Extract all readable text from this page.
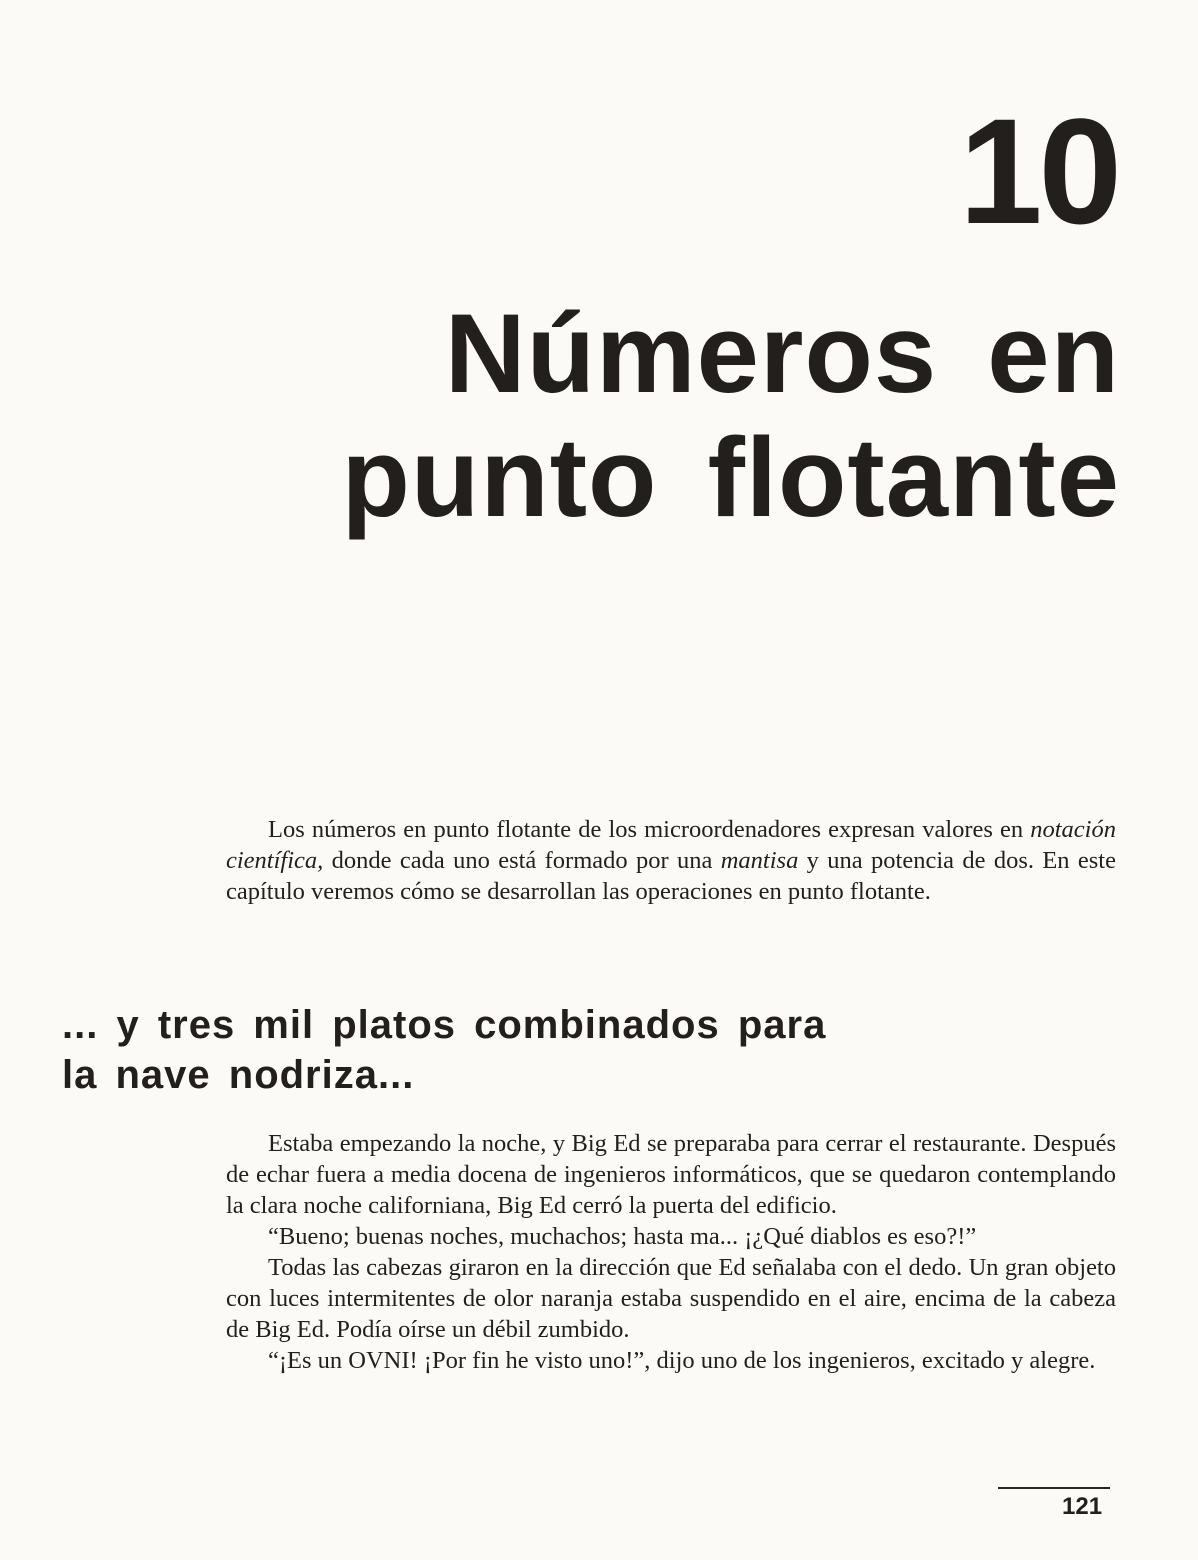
10
Números en
punto flotante

Los números en punto flotante de los microordenadores expresan valores en notación científica, donde cada uno está formado por una mantisa y una potencia de dos. En este capítulo veremos cómo se desarrollan las operaciones en punto flotante.

... y tres mil platos combinados para
la nave nodriza...

Estaba empezando la noche, y Big Ed se preparaba para cerrar el restaurante. Después de echar fuera a media docena de ingenieros informáticos, que se quedaron contemplando la clara noche californiana, Big Ed cerró la puerta del edificio.

“Bueno; buenas noches, muchachos; hasta ma... ¡¿Qué diablos es eso?!”

Todas las cabezas giraron en la dirección que Ed señalaba con el dedo. Un gran objeto con luces intermitentes de olor naranja estaba suspendido en el aire, encima de la cabeza de Big Ed. Podía oírse un débil zumbido.

“¡Es un OVNI! ¡Por fin he visto uno!”, dijo uno de los ingenieros, excitado y alegre.

121
